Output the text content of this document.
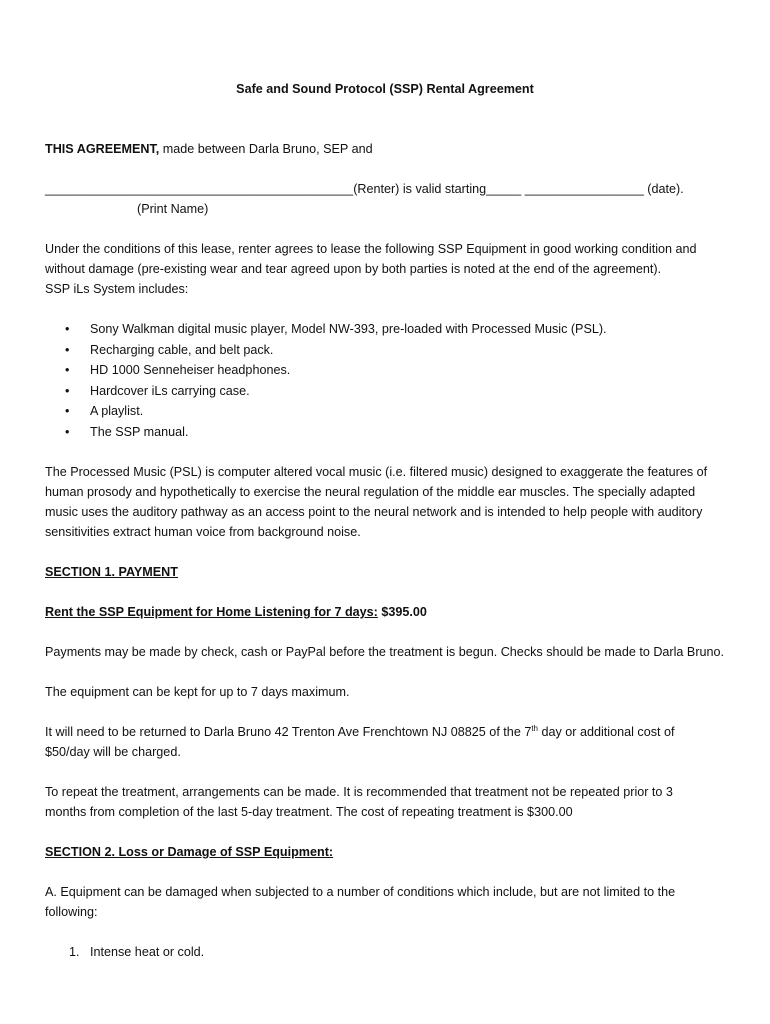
Safe and Sound Protocol (SSP) Rental Agreement

THIS AGREEMENT, made between Darla Bruno, SEP and

____________________________________________(Renter) is valid starting_____ _________________ (date).

(Print Name)

Under the conditions of this lease, renter agrees to lease the following SSP Equipment in good working condition and
without damage (pre-existing wear and tear agreed upon by both parties is noted at the end of the agreement).
SSP iLs System includes:
• Sony Walkman digital music player, Model NW-393, pre-loaded with Processed Music (PSL).
• Recharging cable, and belt pack.
• HD 1000 Senneheiser headphones.
• Hardcover iLs carrying case.
• A playlist.
• The SSP manual.
The Processed Music (PSL) is computer altered vocal music (i.e. filtered music) designed to exaggerate the features of
human prosody and hypothetically to exercise the neural regulation of the middle ear muscles. The specially adapted
music uses the auditory pathway as an access point to the neural network and is intended to help people with auditory
sensitivities extract human voice from background noise.

SECTION 1. PAYMENT

Rent the SSP Equipment for Home Listening for 7 days: $395.00

Payments may be made by check, cash or PayPal before the treatment is begun. Checks should be made to Darla Bruno.

The equipment can be kept for up to 7 days maximum.

It will need to be returned to Darla Bruno 42 Trenton Ave Frenchtown NJ 08825 of the 7th day or additional cost of
$50/day will be charged.
To repeat the treatment, arrangements can be made. It is recommended that treatment not be repeated prior to 3
months from completion of the last 5-day treatment. The cost of repeating treatment is $300.00

SECTION 2. Loss or Damage of SSP Equipment:

A. Equipment can be damaged when subjected to a number of conditions which include, but are not limited to the
following:
1. Intense heat or cold.
